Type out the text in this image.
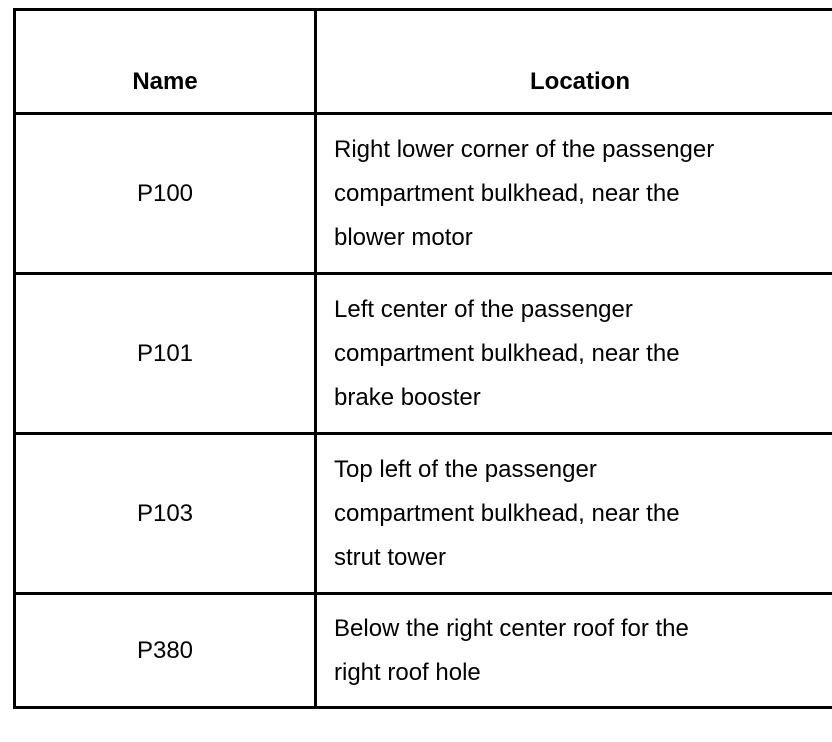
Name	Location
P100	Right lower corner of the passenger
compartment bulkhead, near the
blower motor

P101	Left center of the passenger
compartment bulkhead, near the
brake booster

P103	Top left of the passenger
compartment bulkhead, near the
strut tower

P380	Below the right center roof for the
right roof hole
